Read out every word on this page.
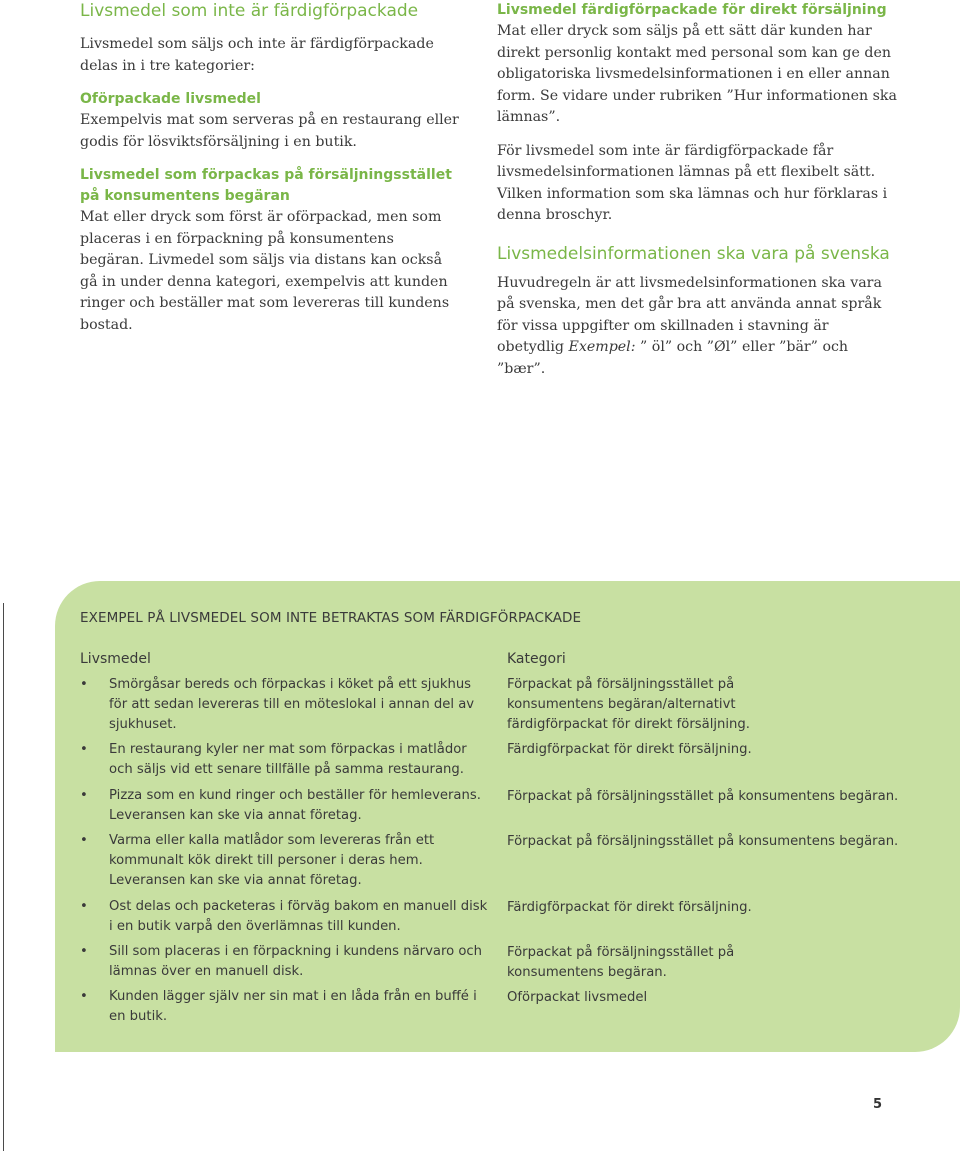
Livsmedel som inte är färdigförpackade

Livsmedel som säljs och inte är färdigförpackade delas in i tre kategorier:

Oförpackade livsmedel

Exempelvis mat som serveras på en restaurang eller godis för lösviktsförsäljning i en butik.

Livsmedel som förpackas på försäljningsstället på konsumentens begäran

Mat eller dryck som först är oförpackad, men som placeras i en förpackning på konsumentens begäran. Livmedel som säljs via distans kan också gå in under denna kategori, exempelvis att kunden ringer och beställer mat som levereras till kundens bostad.

Livsmedel färdigförpackade för direkt försäljning

Mat eller dryck som säljs på ett sätt där kunden har direkt personlig kontakt med personal som kan ge den obligatoriska livsmedelsinformationen i en eller annan form. Se vidare under rubriken ”Hur informationen ska lämnas”.

För livsmedel som inte är färdigförpackade får livsmedelsinformationen lämnas på ett flexibelt sätt. Vilken information som ska lämnas och hur förklaras i denna broschyr.

Livsmedelsinformationen ska vara på svenska

Huvudregeln är att livsmedelsinformationen ska vara på svenska, men det går bra att använda annat språk för vissa uppgifter om skillnaden i stavning är obetydlig Exempel: ” öl” och ”Øl” eller ”bär” och ”bær”.

EXEMPEL PÅ LIVSMEDEL SOM INTE BETRAKTAS SOM FÄRDIGFÖRPACKADE
Livsmedel	Kategori
• Smörgåsar bereds och förpackas i köket på ett sjukhus för att sedan levereras till en möteslokal i annan del av sjukhuset.
Förpackat på försäljningsstället på konsumentens begäran/alternativt färdigförpackat för direkt försäljning.
• En restaurang kyler ner mat som förpackas i matlådor och säljs vid ett senare tillfälle på samma restaurang.
Färdigförpackat för direkt försäljning.
• Pizza som en kund ringer och beställer för hemleverans. Leveransen kan ske via annat företag.
Förpackat på försäljningsstället på konsumentens begäran.
• Varma eller kalla matlådor som levereras från ett kommunalt kök direkt till personer i deras hem. Leveransen kan ske via annat företag.
Förpackat på försäljningsstället på konsumentens begäran.
• Ost delas och packeteras i förväg bakom en manuell disk i en butik varpå den överlämnas till kunden.
Färdigförpackat för direkt försäljning.
• Sill som placeras i en förpackning i kundens närvaro och lämnas över en manuell disk.
Förpackat på försäljningsstället på konsumentens begäran.
• Kunden lägger själv ner sin mat i en låda från en buffé i en butik.
Oförpackat livsmedel
5
